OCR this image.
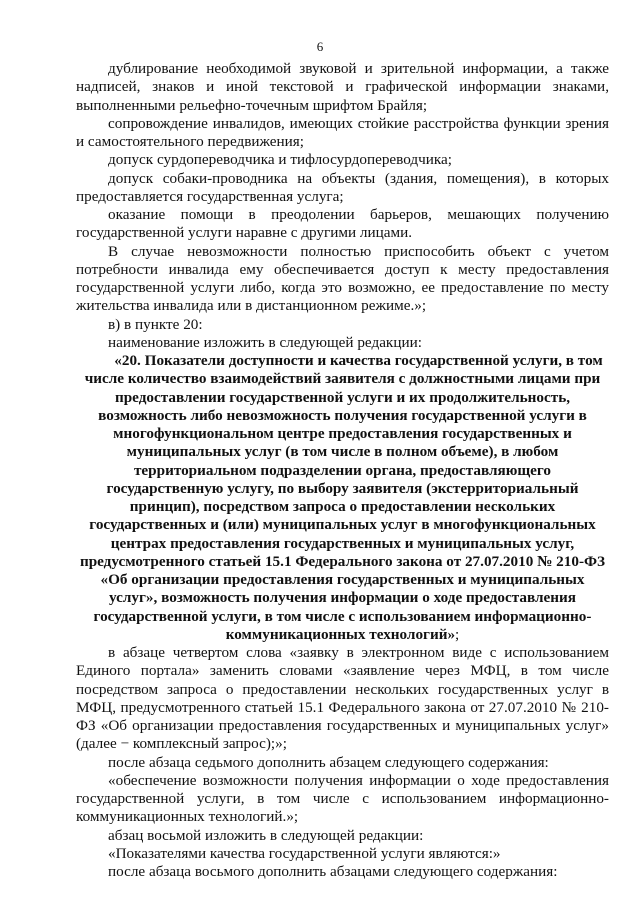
6

дублирование необходимой звуковой и зрительной информации, а также надписей, знаков и иной текстовой и графической информации знаками, выполненными рельефно-точечным шрифтом Брайля;

сопровождение инвалидов, имеющих стойкие расстройства функции зрения и самостоятельного передвижения;

допуск сурдопереводчика и тифлосурдопереводчика;

допуск собаки-проводника на объекты (здания, помещения), в которых предоставляется государственная услуга;

оказание помощи в преодолении барьеров, мешающих получению государственной услуги наравне с другими лицами.

В случае невозможности полностью приспособить объект с учетом потребности инвалида ему обеспечивается доступ к месту предоставления государственной услуги либо, когда это возможно, ее предоставление по месту жительства инвалида или в дистанционном режиме.»;

в) в пункте 20:

наименование изложить в следующей редакции:

«20. Показатели доступности и качества государственной услуги, в том числе количество взаимодействий заявителя с должностными лицами при предоставлении государственной услуги и их продолжительность, возможность либо невозможность получения государственной услуги в многофункциональном центре предоставления государственных и муниципальных услуг (в том числе в полном объеме), в любом территориальном подразделении органа, предоставляющего государственную услугу, по выбору заявителя (экстерриториальный принцип), посредством запроса о предоставлении нескольких государственных и (или) муниципальных услуг в многофункциональных центрах предоставления государственных и муниципальных услуг, предусмотренного статьей 15.1 Федерального закона от 27.07.2010 № 210-ФЗ «Об организации предоставления государственных и муниципальных услуг», возможность получения информации о ходе предоставления государственной услуги, в том числе с использованием информационно-коммуникационных технологий»;

в абзаце четвертом слова «заявку в электронном виде с использованием Единого портала» заменить словами «заявление через МФЦ, в том числе посредством запроса о предоставлении нескольких государственных услуг в МФЦ, предусмотренного статьей 15.1 Федерального закона от 27.07.2010 № 210-ФЗ «Об организации предоставления государственных и муниципальных услуг» (далее − комплексный запрос);»;

после абзаца седьмого дополнить абзацем следующего содержания:

«обеспечение возможности получения информации о ходе предоставления государственной услуги, в том числе с использованием информационно-коммуникационных технологий.»;

абзац восьмой изложить в следующей редакции:

«Показателями качества государственной услуги являются:»

после абзаца восьмого дополнить абзацами следующего содержания:
